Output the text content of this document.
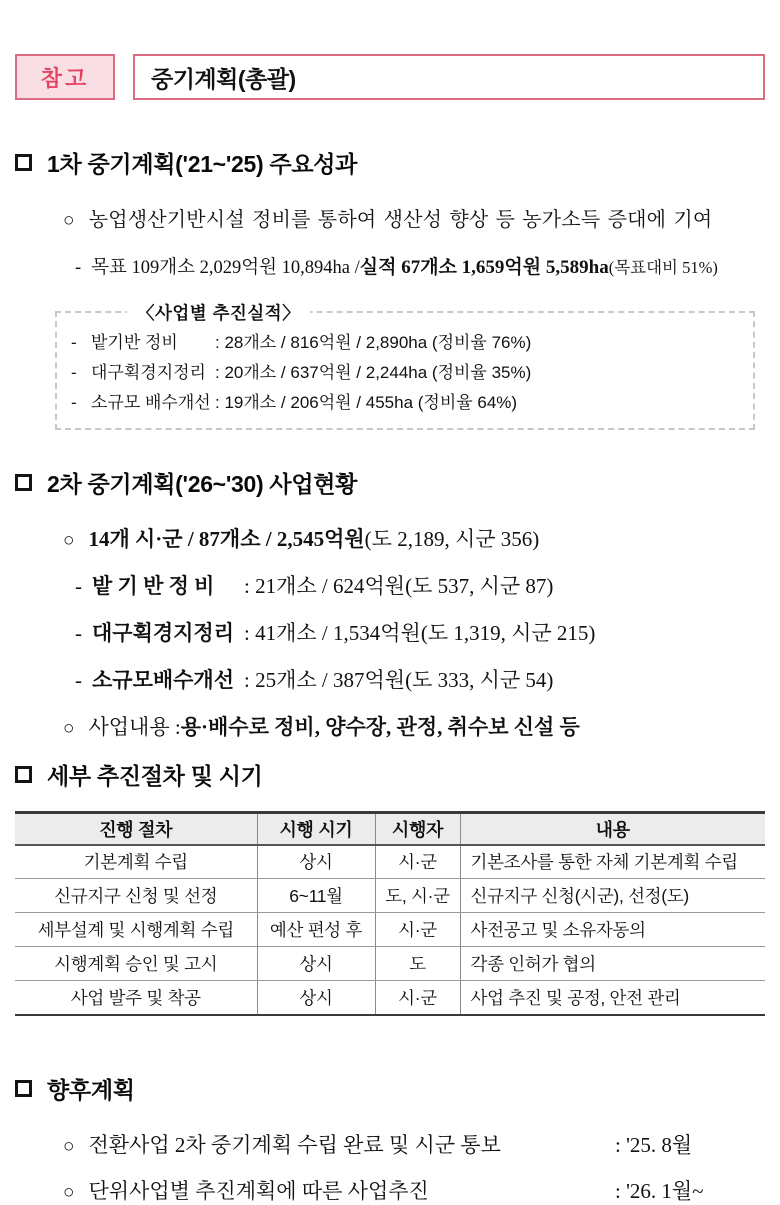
참고	중기계획(총괄)
1차 중기계획('21~'25) 주요성과
○ 농업생산기반시설 정비를 통하여 생산성 향상 등 농가소득 증대에 기여
- 목표 109개소 2,029억원 10,894ha / 실적 67개소 1,659억원 5,589ha (목표대비 51%)
〈사업별 추진실적〉
- 밭기반 정비	: 28개소 / 816억원 / 2,890ha (정비율 76%)
- 대구획경지정리 : 20개소 / 637억원 / 2,244ha (정비율 35%)
- 소규모 배수개선 : 19개소 / 206억원 / 455ha (정비율 64%)
2차 중기계획('26~'30) 사업현황
○ 14개 시·군 / 87개소 / 2,545억원 (도 2,189, 시군 356)
- 밭 기 반 정 비	: 21개소 / 624억원(도 537, 시군 87)
- 대구획경지정리 : 41개소 / 1,534억원(도 1,319, 시군 215)
- 소규모배수개선 : 25개소 / 387억원(도 333, 시군 54)
○ 사업내용 : 용·배수로 정비, 양수장, 관정, 취수보 신설 등
세부 추진절차 및 시기
진행 절차	시행 시기	시행자	내용
기본계획 수립	상시	시·군	기본조사를 통한 자체 기본계획 수립
신규지구 신청 및 선정	6~11월	도, 시·군	신규지구 신청(시군), 선정(도)
세부설계 및 시행계획 수립	예산 편성 후	시·군	사전공고 및 소유자동의
시행계획 승인 및 고시	상시	도	각종 인허가 협의
사업 발주 및 착공	상시	시·군	사업 추진 및 공정, 안전 관리
향후계획
○ 전환사업 2차 중기계획 수립 완료 및 시군 통보	: '25. 8월
○ 단위사업별 추진계획에 따른 사업추진	: '26. 1월~
